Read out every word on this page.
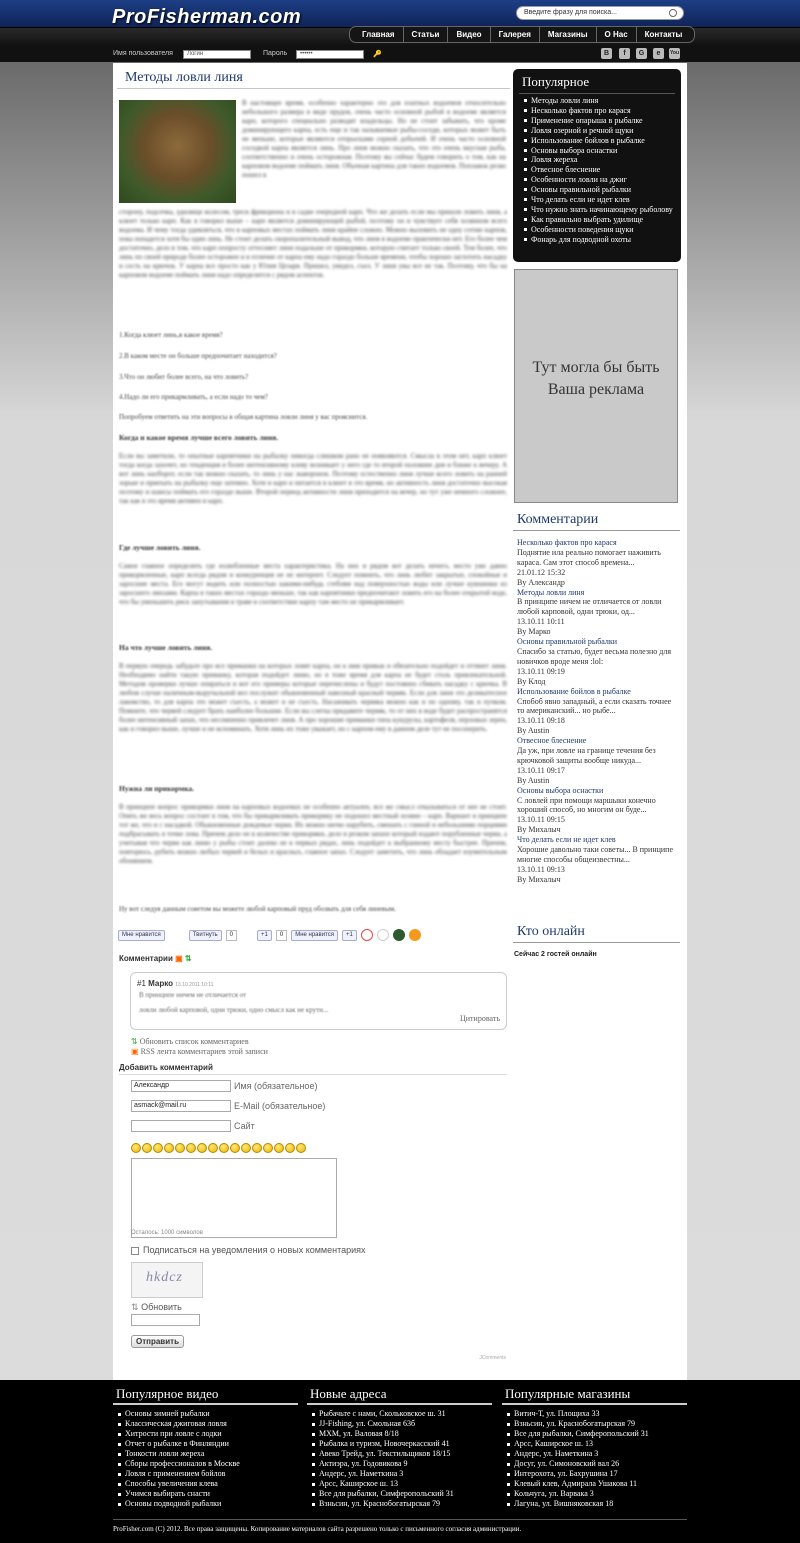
ProFisherman.com	Введите фразу для поиска...
Главная	Статьи	Видео	Галерея	Магазины	О Нас	Контакты
Имя пользователя	Логин	Пароль	••••••	🔑	B	f	G	e	You
Методы ловли линя
В настоящее время, особенно характерно это для платных водоемов относительно небольшого размера в виде прудов, очень часто основной рыбой в водоеме является карп, которого специально разводят владельцы. Но не стоит забывать, что кроме доминирующего карпа, есть еще и так называемые рыбы-соседи, которых может быть не меньше, которые являются отпрысками серной добычей. И очень часто основной соседкой карпа является линь. Про линя можно сказать, что это очень вкусная рыба, соответственно и очень осторожная. Поэтому вы сейчас будем говорить о том, как на карповом водоеме поймать линя. Обычная картина для таких водоемов. Поплавок резко пошел в
сторону, подсечка, удилище колесом, треск фрикциона и в садке очередной карп. Что же делать если мы пришли ловить линя, а клюет только карп. Как я говорил выше – карп является доминирующей рыбой, поэтому он и чувствует себя хозяином всего водоема. И чему тогда удивляться, что в карповых местах поймать линя крайне сложно. Можно выловить не одну сотню карпов, пока попадется хотя бы один линь. Не стоит делать скоропалительный вывод, что линя в водоеме практически нет. Его более чем достаточно, дело в том, что карп попросту оттесняет линя подальше от прикормки, которую считает только своей. Тем более, что линь по своей природе более осторожен и в отличие от карпа ему надо гораздо больше времени, чтобы хорошо заглотить насадку и сесть на крючок. У карпа все просто как у Юлия Цезаря. Пришел, увидел, съел. У линя увы все не так. Поэтому, что бы на карповом водоеме поймать линя надо определится с рядом аспектов.
1.Когда клюет линь,в какое время?
2.В каком месте он больше предпочитает находится?
3.Что он любит более всего, на что ловить?
4.Надо ли его прикармливать, а если надо то чем?
Попробуем ответить на эти вопросы в общая картина ловли линя у вас прояснится.
Когда и какое время лучше всего ловить линя.
Если вы заметили, то опытные карпятники на рыбалку никогда слишком рано не появляются. Смысла в этом нет, карп клюет тогда когда захочет, но тенденция в более интенсивному клеву возникает у него где то второй половине дня и ближе к вечеру. А вот линь наоборот, если так можно сказать, то линь у нас жаворонок. Поэтому естественно линя лучше всего ловить на ранней зорьке и приехать на рыбалку еще затемно. Хотя и карп и питается в клюет в это время, но активность линя достаточно высокая поэтому и шансы поймать его гораздо выше. Второй период активности линя приходится на вечер, но тут уже немного сложнее, так как в это время активен и карп.
Где лучше ловить линя.
Самое главное определить где излюбленные места характеристика. На них и рядом вот делать нечего, место уже давно прикормленные, карп всегда рядом и конкуренция не не интерпет. Следует помнить, что линь любит закрытые, спокойные и заросшие места. Его могут водить или полностью какими-нибудь стеблям над поверхностью воды или лучше кувшинки из заросшего линзами. Карпа в таких местах гораздо меньше, так как карпятники предпочитают ловить его на более открытой воде, что бы уменьшить риск запутывания в траве в соответствие карпу там место не прикармливает.
На что лучше ловить линя.
В первую очередь забудьте про все приманки на которых ловят карпа, он к ним привык и обязательно подойдет и оттянет линя. Необходимо найти такую приманку, которая подойдет линю, но в тоже время для карпа не будет столь привлекательной. Методом проверки лучше опираться и вот его примеры которые перечислены и будут постоянно сбивать насадку с крючка. В любом случае наличным-выручальной вел послужит обыкновенный навозный красный червяк. Если для линя это деликатесное лакомство, то для карпа это может съесть, а может и не съесть. Насаживать червяка можно как и по одному, так и пучком. Помните, что червей следует брать наиболее большие. Если вы слегка придавите червяк, то от них в воде будет распространятся более интенсивный запах, что несомненно привлечет линя. А про хорошие приманки типа кукурузы, картофеля, перловых зерен, как и говорил выше, лучше и не вспоминать. Хотя линь их тоже уважает, но с карпом ему в данном деле тут не посоперить.
Нужна ли прикормка.
В принципе вопрос прикормки линя на карповых водоемах не особенно актуален, все же смысл отказываться от нее не стоит. Опять же весь вопрос состоит в том, что бы прикармливать прикормку не подошел местный хозяин – карп. Вариант в принципе тот же, что и с насадкой. Обыкновенные дождевые черви. Их можно нитко нарубить, смешать с глиной и небольшими порциями подбрасывать в точке лова. Причем дело не в количестве прикормки, дело в резком запахе который издают порубленные черви, а учитывая что черви как линю у рыбы стоит далеко не в первых рядах, линь подойдет к выбранному месту быстрее. Причем, повторюсь, рубить можно любых червей и белых и красных, главное запах. Следует заметить, что линь обладает изумительным обонянием.
Ну вот следуя данным советом вы можете любой карповый пруд обозвать для себя линевым.
Мне нравится	Твитнуть	0	+1	0	Мне нравится	+1
Комментарии ▣ ⇅
#1 Марко 13.10.2011 10:11
В принципе ничем не отличается от
ловли любой карповой, одни трюки, одно смысл как не крути...
Цитировать
⇅ Обновить список комментариев
▣ RSS лента комментариев этой записи
Добавить комментарий
Александр	Имя (обязательное)
asmack@mail.ru	E-Mail (обязательное)
Сайт
Осталось: 1000 символов
Подписаться на уведомления о новых комментариях
hkdcz
⇅ Обновить
Отправить
JComments
Популярное
Методы ловли линя
Несколько фактов про карася
Применение опарыша в рыбалке
Ловля озерной и речной щуки
Использование бойлов в рыбалке
Основы выбора оснастки
Ловля жереха
Отвесное блеснение
Особенности ловли на джиг
Основы правильной рыбалки
Что делать если не идет клев
Что нужно знать начинающему рыболову
Как правильно выбрать удилище
Особенности поведения щуки
Фонарь для подводной охоты
Тут могла бы быть Ваша реклама
Комментарии
Несколько фактов про карася
Поднятие ила реально помогает наживить караса. Сам этот способ времена...
21.01.12 15:32
By Александр
Методы ловли линя
В принципе ничем не отличается от ловли любой карповой, одни трюки, од...
13.10.11 10:11
By Марко
Основы правильной рыбалки
Спасибо за статью, будет весьма полезно для новичков вроде меня :lol:
13.10.11 09:19
By Клод
Использование бойлов в рыбалке
Спобоб явно западный, а если сказать точнее то американский... но рыбе...
13.10.11 09:18
By Austin
Отвесное блеснение
Да уж, при ловле на границе течения без крючковой защиты вообще никуда...
13.10.11 09:17
By Austin
Основы выбора оснастки
С ловлей при помощи маршыки конечно хороший способ, но многим он буде...
13.10.11 09:15
By Михалыч
Что делать если не идет клев
Хорошие давольно таки советы... В принципе многие способы общеизвестны...
13.10.11 09:13
By Михалыч
Кто онлайн
Сейчас 2 гостей онлайн
Популярное видео
Основы зимней рыбалки
Классическая джиговая ловля
Хитрости при ловле с лодки
Отчет о рыбалке в Финляндии
Тонкости ловли жереха
Сборы профессионалов в Москве
Ловля с применением бойлов
Способы увеличения клева
Учимся выбирать снасти
Основы подводной рыбалки
Новые адреса
Рыбачьте с нами, Скольковское ш. 31
JJ-Fishing, ул. Смольная 63б
МХМ, ул. Валовая 8/18
Рыбалка и туризм, Новочеркасский 41
Авеко Трейд, ул. Текстильщиков 18/15
Актиэра, ул. Годовикова 9
Андерс, ул. Наметкина 3
Арсс, Каширское ш. 13
Все для рыбалки, Симферопольский 31
Взньсин, ул. Краснобогатырская 79
Популярные магазины
Витич-Т, ул. Площиха 33
Взньсин, ул. Краснобогатырская 79
Все для рыбалки, Симферопольский 31
Арсс, Каширское ш. 13
Андерс, ул. Наметкина 3
Досуг, ул. Симоновский вал 26
Интерохота, ул. Бахрушина 17
Клевый клев, Адмирала Ушакова 11
Кольчуга, ул. Варвака 3
Лагуна, ул. Вишняковская 18
ProFisher.com (C) 2012. Все права защищены. Копирование материалов сайта разрешено только с письменного согласия администрации.
